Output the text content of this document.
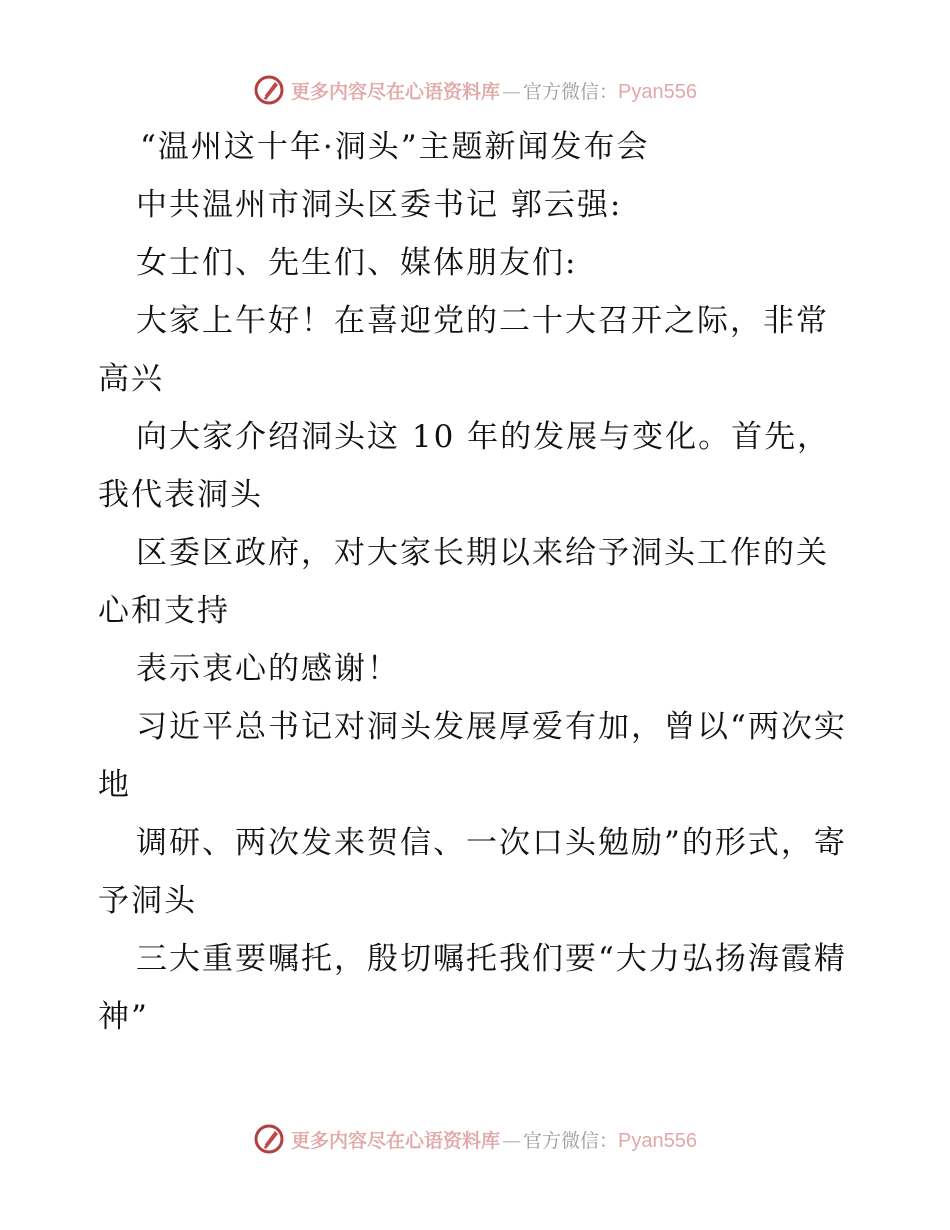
更多内容尽在心语资料库 — 官方微信： Pyan556

“温州这十年·洞头”主题新闻发布会

中共温州市洞头区委书记 郭云强:

女士们、先生们、媒体朋友们:

大家上午好！在喜迎党的二十大召开之际，非常高兴

向大家介绍洞头这 10 年的发展与变化。首先，我代表洞头

区委区政府，对大家长期以来给予洞头工作的关心和支持

表示衷心的感谢！

习近平总书记对洞头发展厚爱有加，曾以“两次实地

调研、两次发来贺信、一次口头勉励”的形式，寄予洞头

三大重要嘱托，殷切嘱托我们要“大力弘扬海霞精神”

更多内容尽在心语资料库 — 官方微信： Pyan556
